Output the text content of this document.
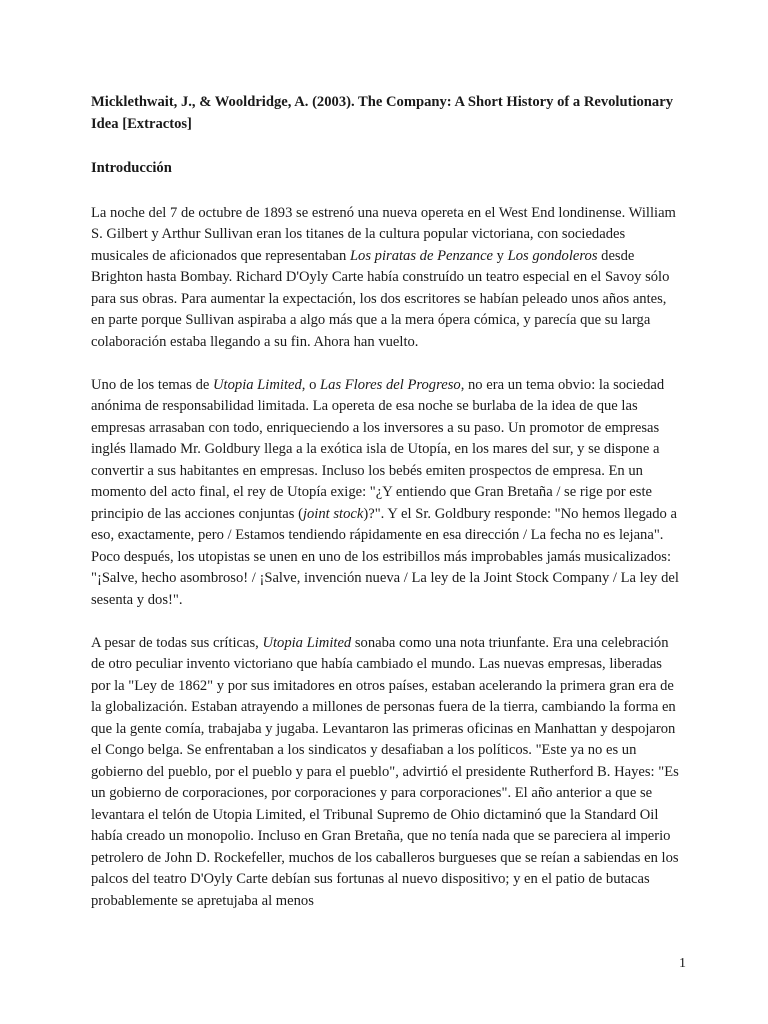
Micklethwait, J., & Wooldridge, A. (2003). The Company: A Short History of a Revolutionary Idea [Extractos]
Introducción
La noche del 7 de octubre de 1893 se estrenó una nueva opereta en el West End londinense. William S. Gilbert y Arthur Sullivan eran los titanes de la cultura popular victoriana, con sociedades musicales de aficionados que representaban Los piratas de Penzance y Los gondoleros desde Brighton hasta Bombay. Richard D'Oyly Carte había construído un teatro especial en el Savoy sólo para sus obras. Para aumentar la expectación, los dos escritores se habían peleado unos años antes, en parte porque Sullivan aspiraba a algo más que a la mera ópera cómica, y parecía que su larga colaboración estaba llegando a su fin. Ahora han vuelto.
Uno de los temas de Utopia Limited, o Las Flores del Progreso, no era un tema obvio: la sociedad anónima de responsabilidad limitada. La opereta de esa noche se burlaba de la idea de que las empresas arrasaban con todo, enriqueciendo a los inversores a su paso. Un promotor de empresas inglés llamado Mr. Goldbury llega a la exótica isla de Utopía, en los mares del sur, y se dispone a convertir a sus habitantes en empresas. Incluso los bebés emiten prospectos de empresa. En un momento del acto final, el rey de Utopía exige: "¿Y entiendo que Gran Bretaña / se rige por este principio de las acciones conjuntas (joint stock)?". Y el Sr. Goldbury responde: "No hemos llegado a eso, exactamente, pero / Estamos tendiendo rápidamente en esa dirección / La fecha no es lejana". Poco después, los utopistas se unen en uno de los estribillos más improbables jamás musicalizados: "¡Salve, hecho asombroso! / ¡Salve, invención nueva / La ley de la Joint Stock Company / La ley del sesenta y dos!".
A pesar de todas sus críticas, Utopia Limited sonaba como una nota triunfante. Era una celebración de otro peculiar invento victoriano que había cambiado el mundo. Las nuevas empresas, liberadas por la "Ley de 1862" y por sus imitadores en otros países, estaban acelerando la primera gran era de la globalización. Estaban atrayendo a millones de personas fuera de la tierra, cambiando la forma en que la gente comía, trabajaba y jugaba. Levantaron las primeras oficinas en Manhattan y despojaron el Congo belga. Se enfrentaban a los sindicatos y desafiaban a los políticos. "Este ya no es un gobierno del pueblo, por el pueblo y para el pueblo", advirtió el presidente Rutherford B. Hayes: "Es un gobierno de corporaciones, por corporaciones y para corporaciones". El año anterior a que se levantara el telón de Utopia Limited, el Tribunal Supremo de Ohio dictaminó que la Standard Oil había creado un monopolio. Incluso en Gran Bretaña, que no tenía nada que se pareciera al imperio petrolero de John D. Rockefeller, muchos de los caballeros burgueses que se reían a sabiendas en los palcos del teatro D'Oyly Carte debían sus fortunas al nuevo dispositivo; y en el patio de butacas probablemente se apretujaba al menos
1
